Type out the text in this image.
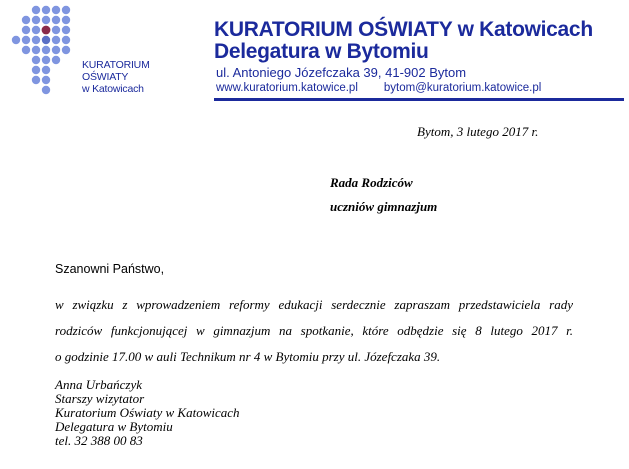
KURATORIUM
OŚWIATY
w Katowicach
KURATORIUM OŚWIATY w Katowicach
Delegatura w Bytomiu
ul. Antoniego Józefczaka 39, 41-902 Bytom
www.kuratorium.katowice.pl bytom@kuratorium.katowice.pl
Bytom, 3 lutego 2017 r.
Rada Rodziców
uczniów gimnazjum
Szanowni Państwo,
w związku z wprowadzeniem reformy edukacji serdecznie zapraszam przedstawiciela rady
rodziców funkcjonującej w gimnazjum na spotkanie, które odbędzie się 8 lutego 2017 r.
o godzinie 17.00 w auli Technikum nr 4 w Bytomiu przy ul. Józefczaka 39.
Anna Urbańczyk
Starszy wizytator
Kuratorium Oświaty w Katowicach
Delegatura w Bytomiu
tel. 32 388 00 83
